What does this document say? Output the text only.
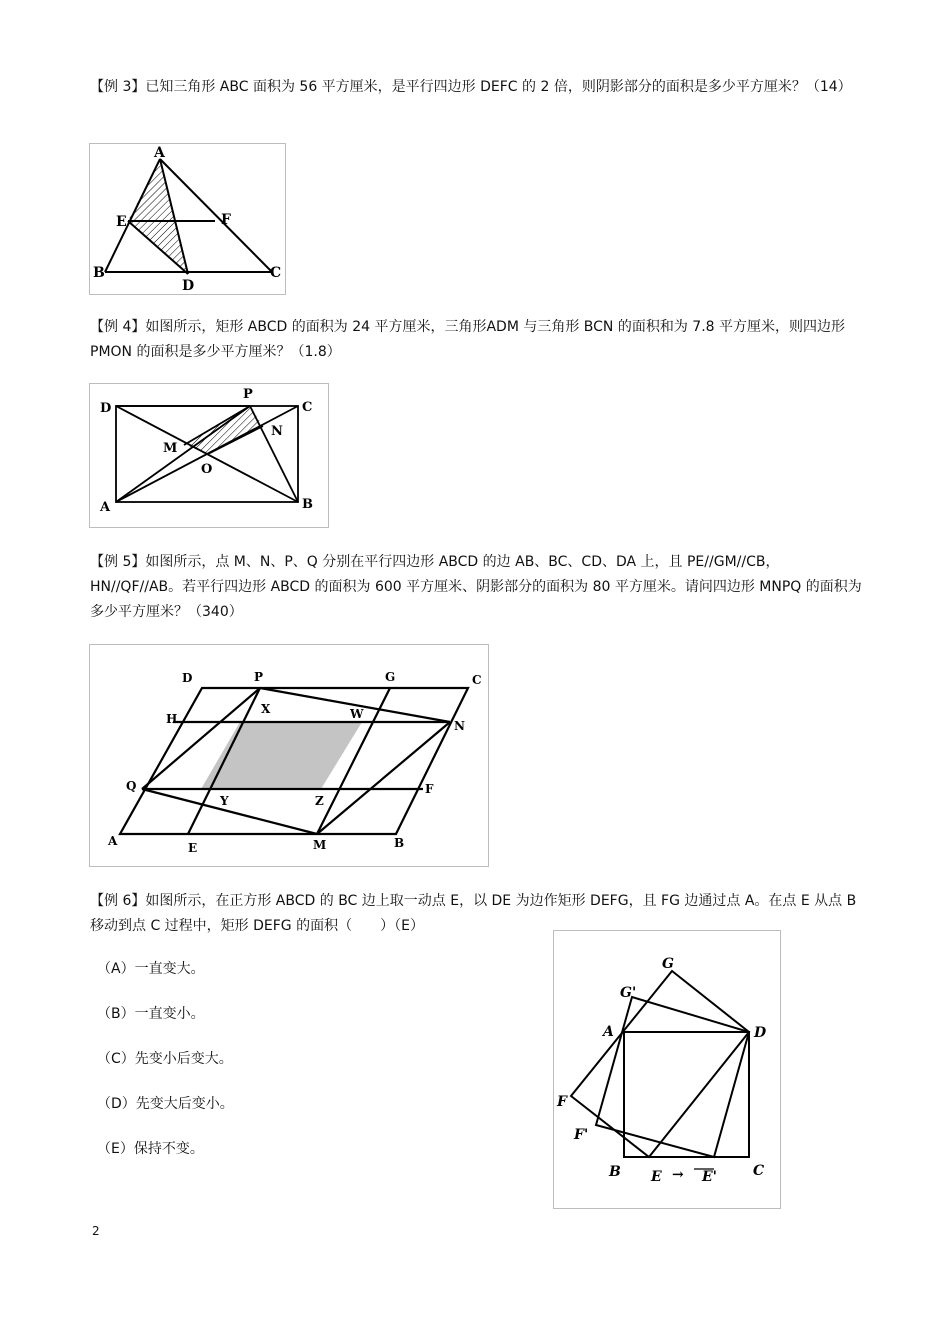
【例 3】已知三角形 ABC 面积为 56 平方厘米，是平行四边形 DEFC 的 2 倍，则阴影部分的面积是多少平方厘米？（14）

A
E	F
B
D
C

【例 4】如图所示，矩形 ABCD 的面积为 24 平方厘米，三角形ADM 与三角形 BCN 的面积和为 7.8 平方厘米，则四边形 PMON 的面积是多少平方厘米？（1.8）

D
P
C
M
N
O
A	B

【例 5】如图所示，点 M、N、P、Q 分别在平行四边形 ABCD 的边 AB、BC、CD、DA 上，且 PE//GM//CB，HN//QF//AB。若平行四边形 ABCD 的面积为 600 平方厘米、阴影部分的面积为 80 平方厘米。请问四边形 MNPQ 的面积为多少平方厘米？（340）

D	P	G	C
H
X	W
N
Q
Y	Z
F
A	E	M	B

【例 6】如图所示，在正方形 ABCD 的 BC 边上取一动点 E，以 DE 为边作矩形 DEFG，且 FG 边通过点 A。在点 E 从点 B 移动到点 C 过程中，矩形 DEFG 的面积（　　）（E）

（A）一直变大。
（B）一直变小。
（C）先变小后变大。
（D）先变大后变小。
（E）保持不变。
G
G'
A	D
F
F'
B E → E'	C
2
